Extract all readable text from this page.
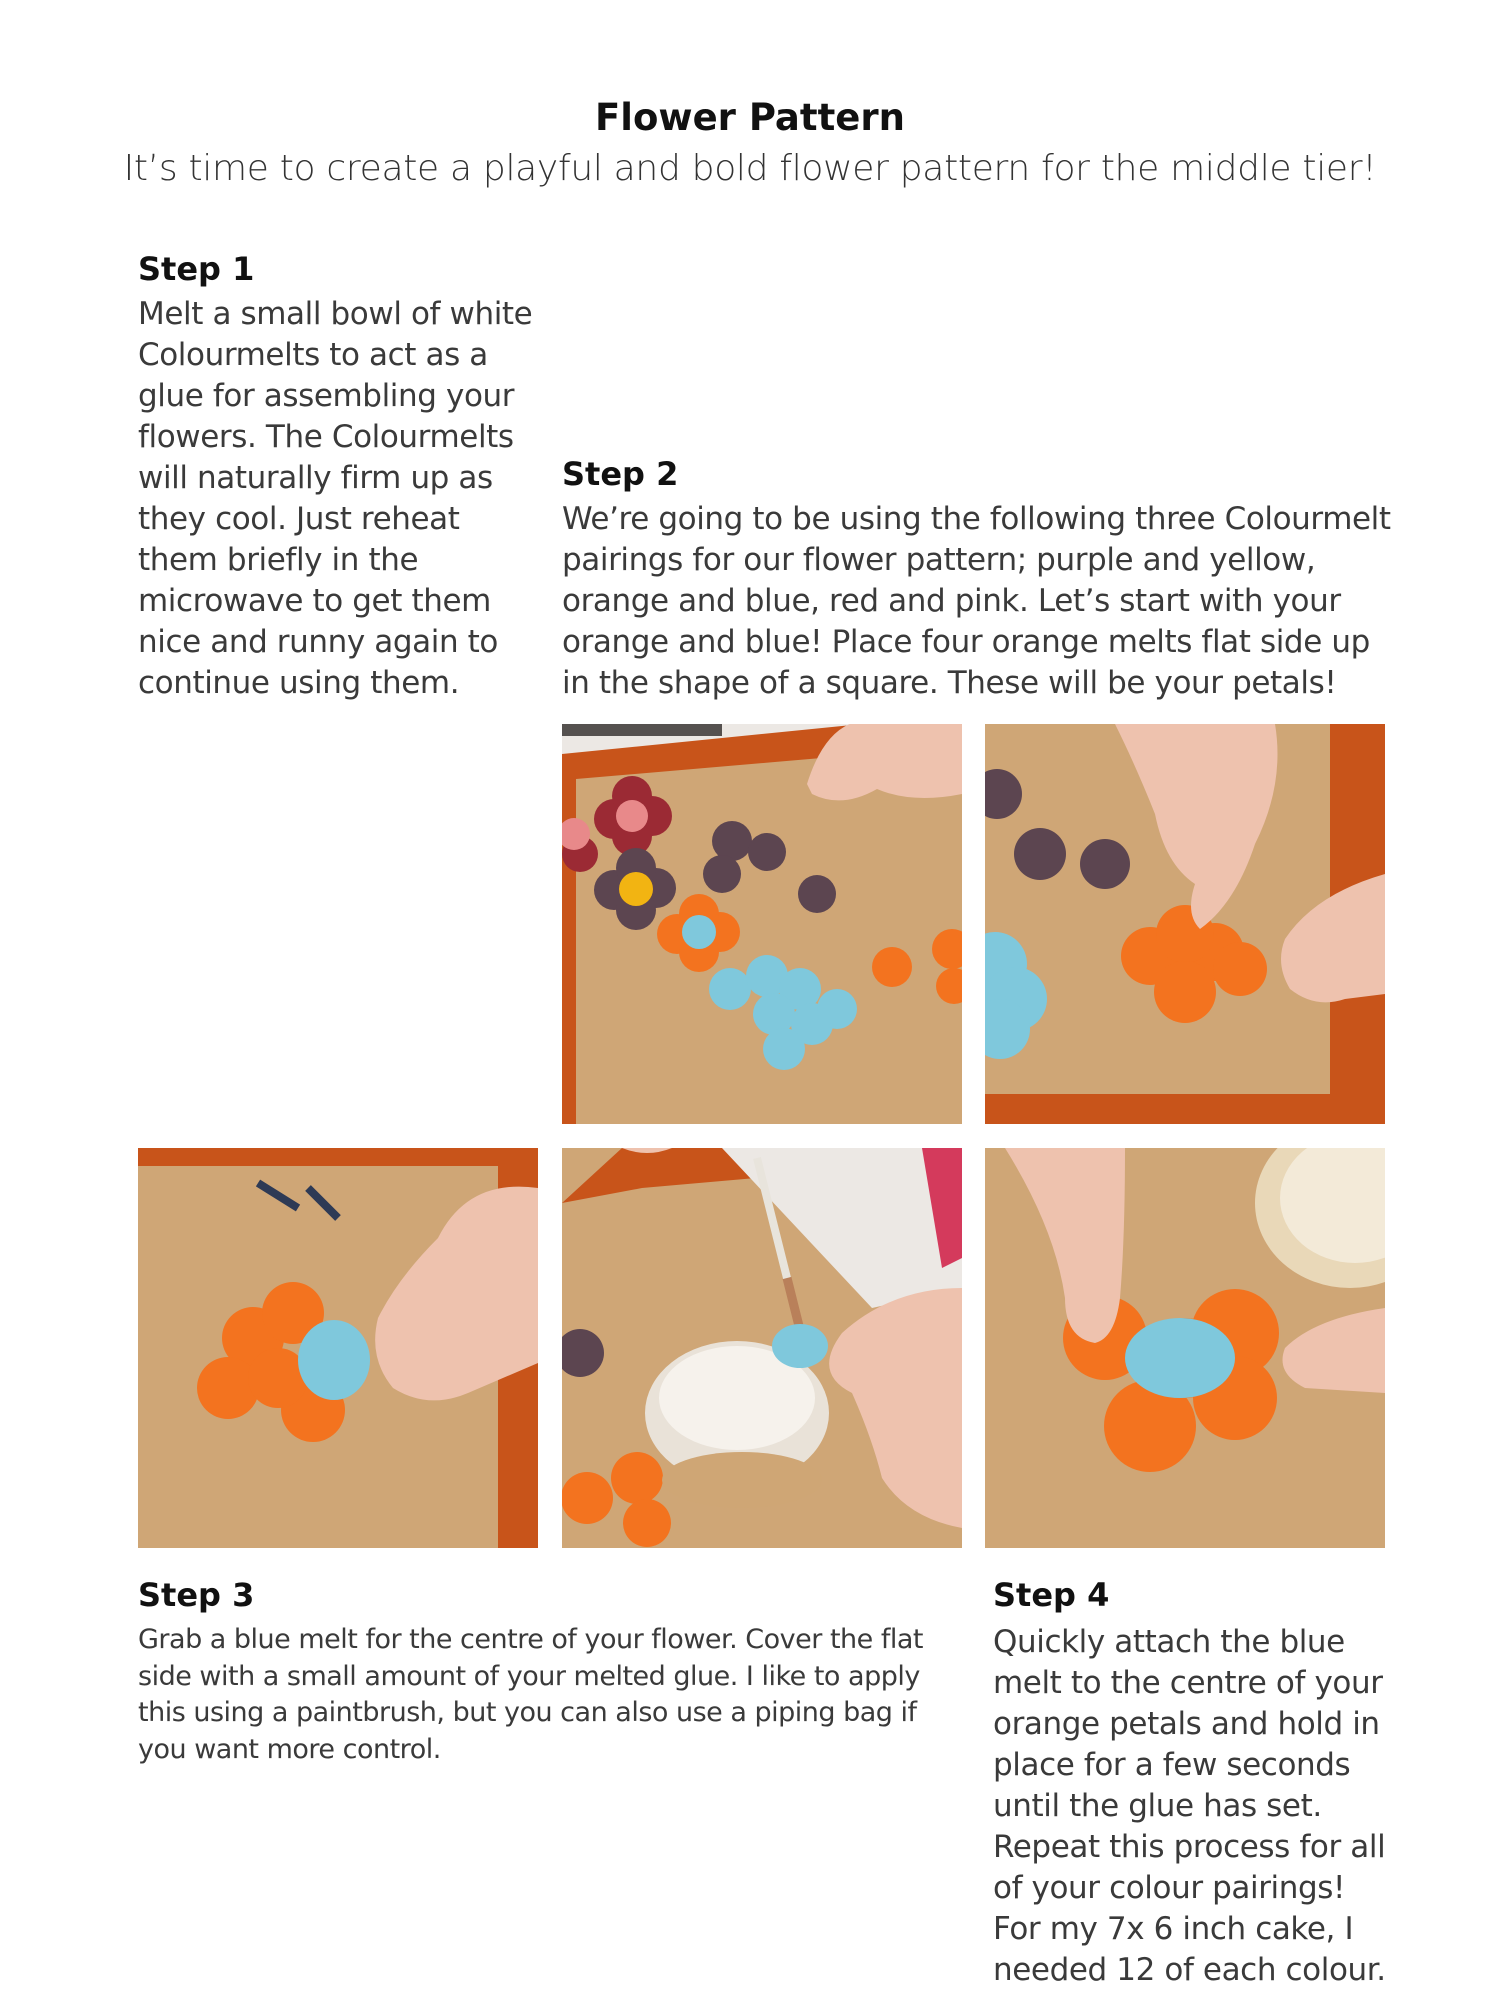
Flower Pattern
It’s time to create a playful and bold flower pattern for the middle tier!
Step 1

Melt a small bowl of white Colourmelts to act as a glue for assembling your flowers. The Colourmelts will naturally firm up as they cool. Just reheat them briefly in the microwave to get them nice and runny again to continue using them.

Step 2

We’re going to be using the following three Colourmelt pairings for our flower pattern; purple and yellow, orange and blue, red and pink. Let’s start with your orange and blue! Place four orange melts flat side up in the shape of a square. These will be your petals!

Step 3

Grab a blue melt for the centre of your flower. Cover the flat side with a small amount of your melted glue. I like to apply this using a paintbrush, but you can also use a piping bag if you want more control.

Step 4

Quickly attach the blue melt to the centre of your orange petals and hold in place for a few seconds until the glue has set. Repeat this process for all of your colour pairings! For my 7x 6 inch cake, I needed 12 of each colour.
